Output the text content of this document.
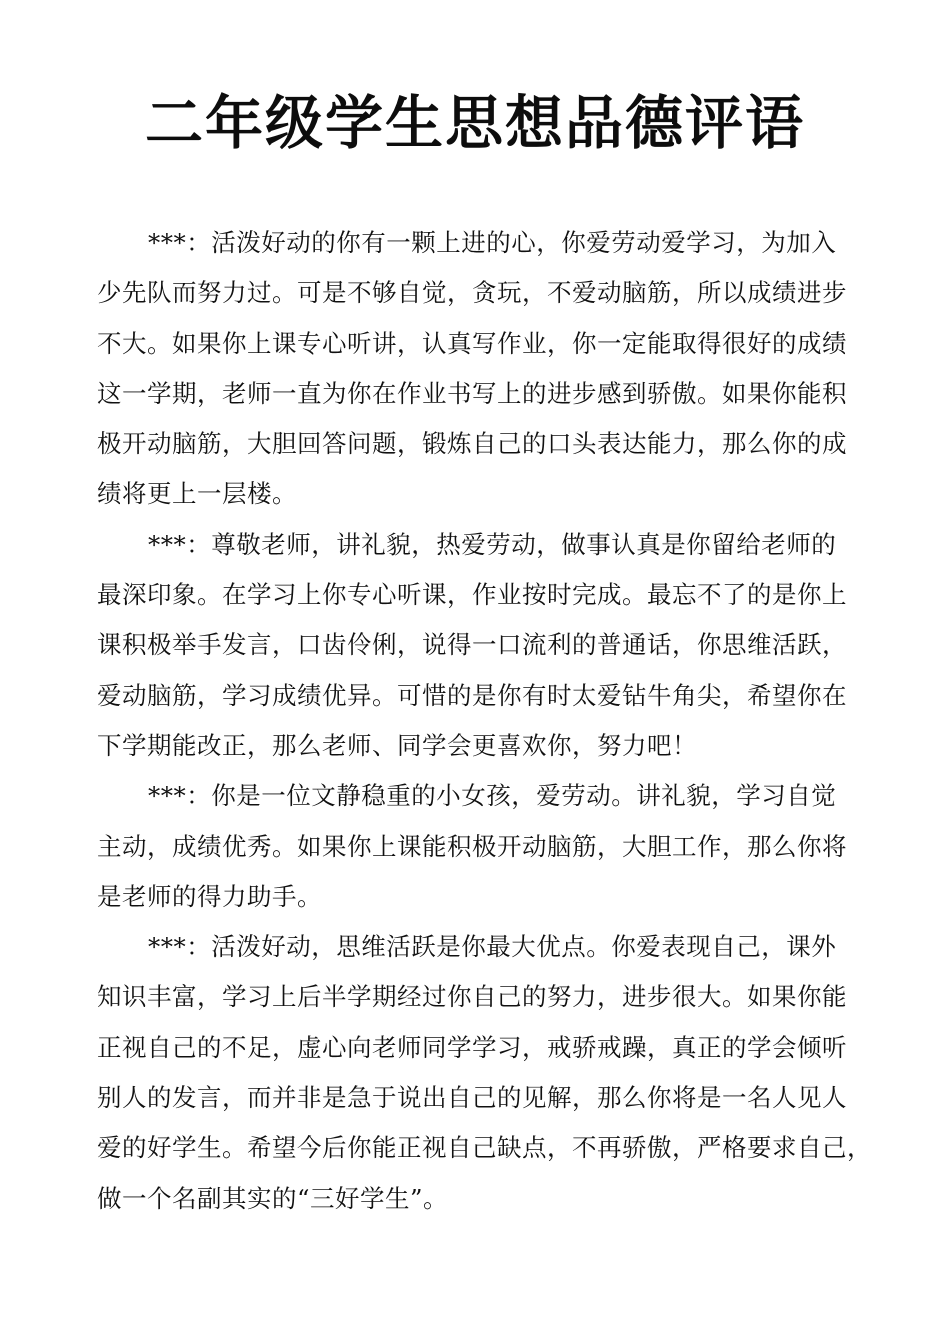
二年级学生思想品德评语
***：活泼好动的你有一颗上进的心，你爱劳动爱学习，为加入
少先队而努力过。可是不够自觉，贪玩，不爱动脑筋，所以成绩进步
不大。如果你上课专心听讲，认真写作业，你一定能取得很好的成绩
这一学期，老师一直为你在作业书写上的进步感到骄傲。如果你能积
极开动脑筋，大胆回答问题，锻炼自己的口头表达能力，那么你的成
绩将更上一层楼。
***：尊敬老师，讲礼貌，热爱劳动，做事认真是你留给老师的
最深印象。在学习上你专心听课，作业按时完成。最忘不了的是你上
课积极举手发言，口齿伶俐，说得一口流利的普通话，你思维活跃，
爱动脑筋，学习成绩优异。可惜的是你有时太爱钻牛角尖，希望你在
下学期能改正，那么老师、同学会更喜欢你，努力吧！
***：你是一位文静稳重的小女孩，爱劳动。讲礼貌，学习自觉
主动，成绩优秀。如果你上课能积极开动脑筋，大胆工作，那么你将
是老师的得力助手。
***：活泼好动，思维活跃是你最大优点。你爱表现自己，课外
知识丰富，学习上后半学期经过你自己的努力，进步很大。如果你能
正视自己的不足，虚心向老师同学学习，戒骄戒躁，真正的学会倾听
别人的发言，而并非是急于说出自己的见解，那么你将是一名人见人
爱的好学生。希望今后你能正视自己缺点，不再骄傲，严格要求自己，
做一个名副其实的“三好学生”。
